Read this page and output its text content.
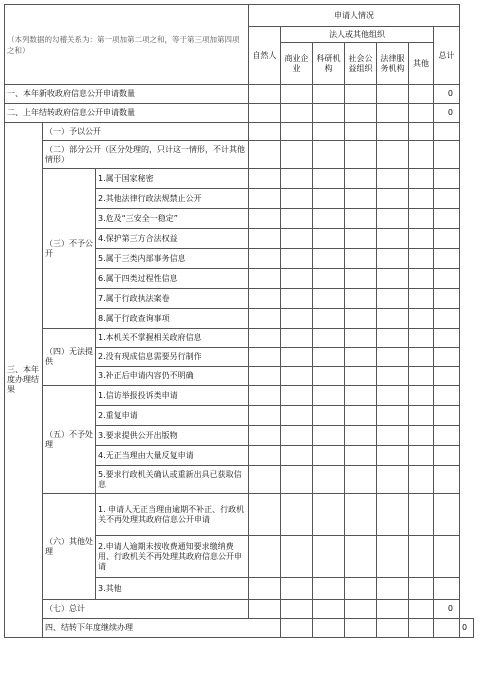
（本列数据的勾稽关系为：第一项加第二项之和，等于第三项加第四项之和）			申请人情况							
			自然人	法人或其他组织					总计	
				商业企业	科研机构	社会公益组织	法律服务机构	其他		
一、本年新收政府信息公开申请数量									0	
二、上年结转政府信息公开申请数量									0	
三、本年度办理结果	（一）予以公开									
	（二）部分公开（区分处理的，只计这一情形，不计其他情形）									
	（三）不予公开	1.属于国家秘密								
		2.其他法律行政法规禁止公开								
		3.危及“三安全一稳定”								
		4.保护第三方合法权益								
		5.属于三类内部事务信息								
		6.属于四类过程性信息								
		7.属于行政执法案卷								
		8.属于行政查询事项								
	（四）无法提供	1.本机关不掌握相关政府信息								
		2.没有现成信息需要另行制作								
		3.补正后申请内容仍不明确								
	（五）不予处理	1.信访举报投诉类申请								
		2.重复申请								
		3.要求提供公开出版物								
		4.无正当理由大量反复申请								
		5.要求行政机关确认或重新出具已获取信息								
	（六）其他处理	1. 申请人无正当理由逾期不补正、行政机关不再处理其政府信息公开申请								
		2.申请人逾期未按收费通知要求缴纳费用、行政机关不再处理其政府信息公开申请								
		3.其他								
	（七）总计								0	
	四、结转下年度继续办理									0
